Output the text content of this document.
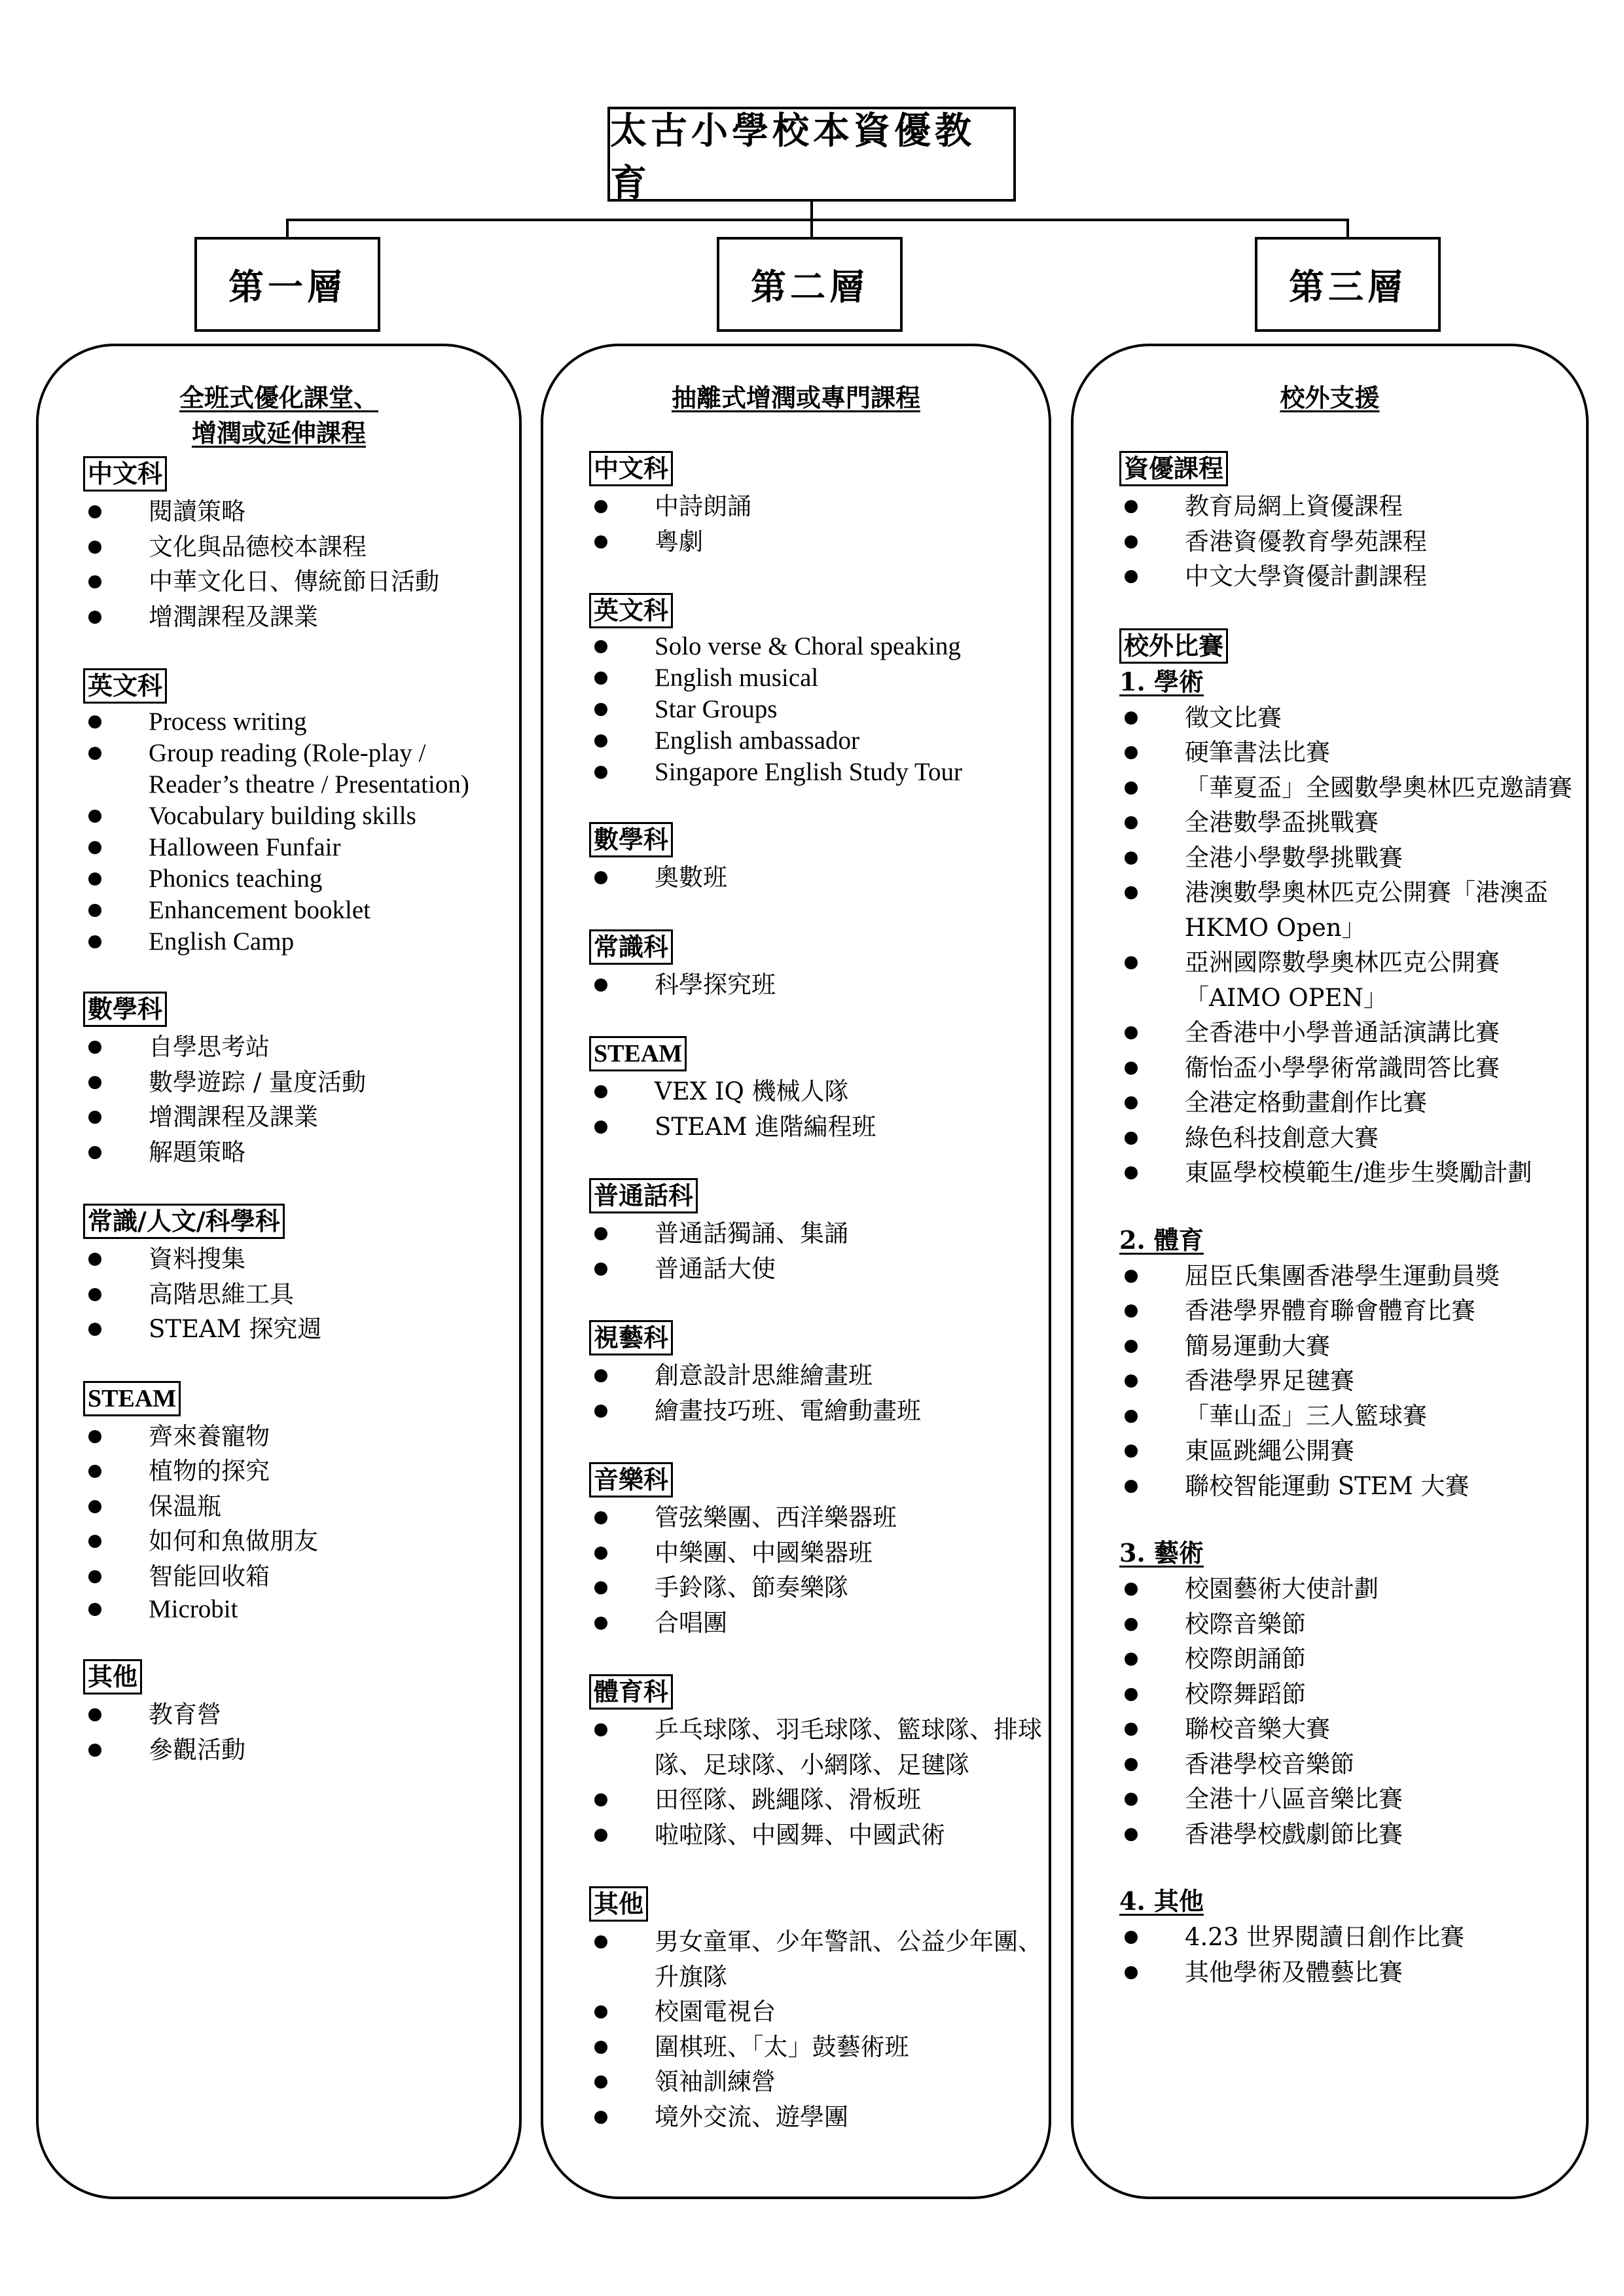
太古小學校本資優教育
第一層	第二層	第三層
全班式優化課堂、
增潤或延伸課程
中文科
閱讀策略
文化與品德校本課程
中華文化日、傳統節日活動
增潤課程及課業
英文科
Process writing
Group reading (Role-play / Reader’s theatre / Presentation)
Vocabulary building skills
Halloween Funfair
Phonics teaching
Enhancement booklet
English Camp
數學科
自學思考站
數學遊踪 / 量度活動
增潤課程及課業
解題策略
常識/人文/科學科
資料搜集
高階思維工具
STEAM 探究週
STEAM
齊來養寵物
植物的探究
保温瓶
如何和魚做朋友
智能回收箱
Microbit
其他
教育營
參觀活動
抽離式增潤或專門課程
中文科
中詩朗誦
粵劇
英文科
Solo verse & Choral speaking
English musical
Star Groups
English ambassador
Singapore English Study Tour
數學科
奧數班
常識科
科學探究班
STEAM
VEX IQ 機械人隊
STEAM 進階編程班
普通話科
普通話獨誦、集誦
普通話大使
視藝科
創意設計思維繪畫班
繪畫技巧班、電繪動畫班
音樂科
管弦樂團、西洋樂器班
中樂團、中國樂器班
手鈴隊、節奏樂隊
合唱團
體育科
乒乓球隊、羽毛球隊、籃球隊、排球隊、足球隊、小網隊、足毽隊
田徑隊、跳繩隊、滑板班
啦啦隊、中國舞、中國武術
其他
男女童軍、少年警訊、公益少年團、升旗隊
校園電視台
圍棋班、「太」鼓藝術班
領袖訓練營
境外交流、遊學團
校外支援
資優課程
教育局網上資優課程
香港資優教育學苑課程
中文大學資優計劃課程
校外比賽
1. 學術
徵文比賽
硬筆書法比賽
「華夏盃」全國數學奧林匹克邀請賽
全港數學盃挑戰賽
全港小學數學挑戰賽
港澳數學奧林匹克公開賽「港澳盃 HKMO Open」
亞洲國際數學奧林匹克公開賽「AIMO OPEN」
全香港中小學普通話演講比賽
衞怡盃小學學術常識問答比賽
全港定格動畫創作比賽
綠色科技創意大賽
東區學校模範生/進步生獎勵計劃
2. 體育
屈臣氏集團香港學生運動員獎
香港學界體育聯會體育比賽
簡易運動大賽
香港學界足毽賽
「華山盃」三人籃球賽
東區跳繩公開賽
聯校智能運動 STEM 大賽
3. 藝術
校園藝術大使計劃
校際音樂節
校際朗誦節
校際舞蹈節
聯校音樂大賽
香港學校音樂節
全港十八區音樂比賽
香港學校戲劇節比賽
4. 其他
4.23 世界閱讀日創作比賽
其他學術及體藝比賽
